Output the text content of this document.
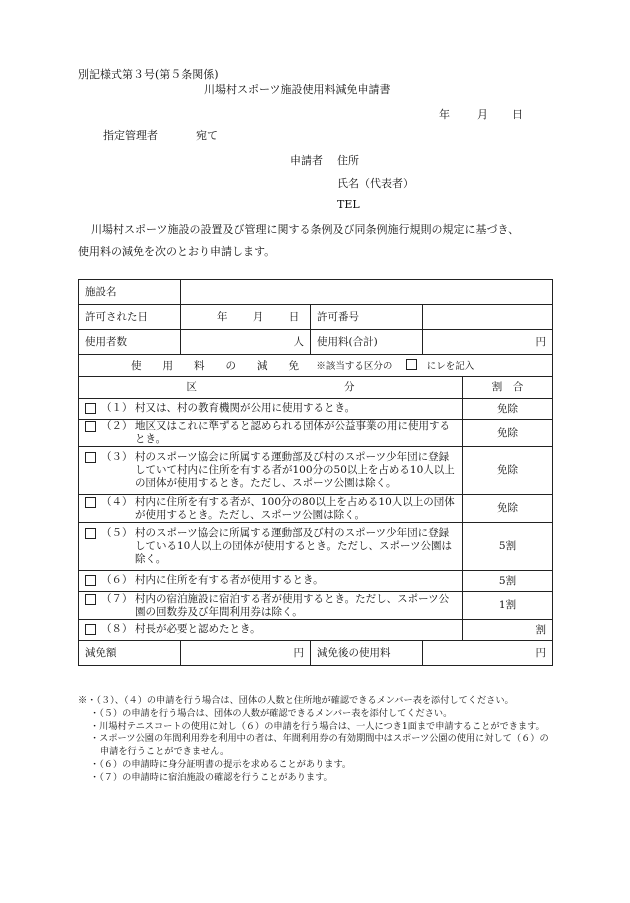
別記様式第３号(第５条関係)
川場村スポーツ施設使用料減免申請書
年 月 日
指定管理者	宛て
申請者 住所
氏名（代表者）
TEL
川場村スポーツ施設の設置及び管理に関する条例及び同条例施行規則の規定に基づき、
使用料の減免を次のとおり申請します。
施設名				
許可された日	年 月 日	許可番号		
使用者数	人	使用料(合計)	円	
使　　用　　料　　の　　減　　免 ※該当する区分の にレを記入				
区　　　　　　　　　　　　　　分				割　合

（１） 村又は、村の教育機関が公用に使用するとき。				免除

（２） 地区又はこれに準ずると認められる団体が公益事業の用に使用するとき。				免除

（３） 村のスポーツ協会に所属する運動部及び村のスポーツ少年団に登録していて村内に住所を有する者が100分の50以上を占める10人以上の団体が使用するとき。ただし、スポーツ公園は除く。				免除

（４） 村内に住所を有する者が、100分の80以上を占める10人以上の団体が使用するとき。ただし、スポーツ公園は除く。				免除

（５） 村のスポーツ協会に所属する運動部及び村のスポーツ少年団に登録している10人以上の団体が使用するとき。ただし、スポーツ公園は除く。				5割

（６） 村内に住所を有する者が使用するとき。				5割

（７） 村内の宿泊施設に宿泊する者が使用するとき。ただし、スポーツ公園の回数券及び年間利用券は除く。				1割

（８） 村長が必要と認めたとき。				割
減免額	円	減免後の使用料	円	
※・（３）、（４）の申請を行う場合は、団体の人数と住所地が確認できるメンバー表を添付してください。
・（５）の申請を行う場合は、団体の人数が確認できるメンバー表を添付してください。
・川場村テニスコートの使用に対し（６）の申請を行う場合は、一人につき1面まで申請することができます。
・スポーツ公園の年間利用券を利用中の者は、年間利用券の有効期間中はスポーツ公園の使用に対して（６）の申請を行うことができません。
・（６）の申請時に身分証明書の提示を求めることがあります。
・（７）の申請時に宿泊施設の確認を行うことがあります。
